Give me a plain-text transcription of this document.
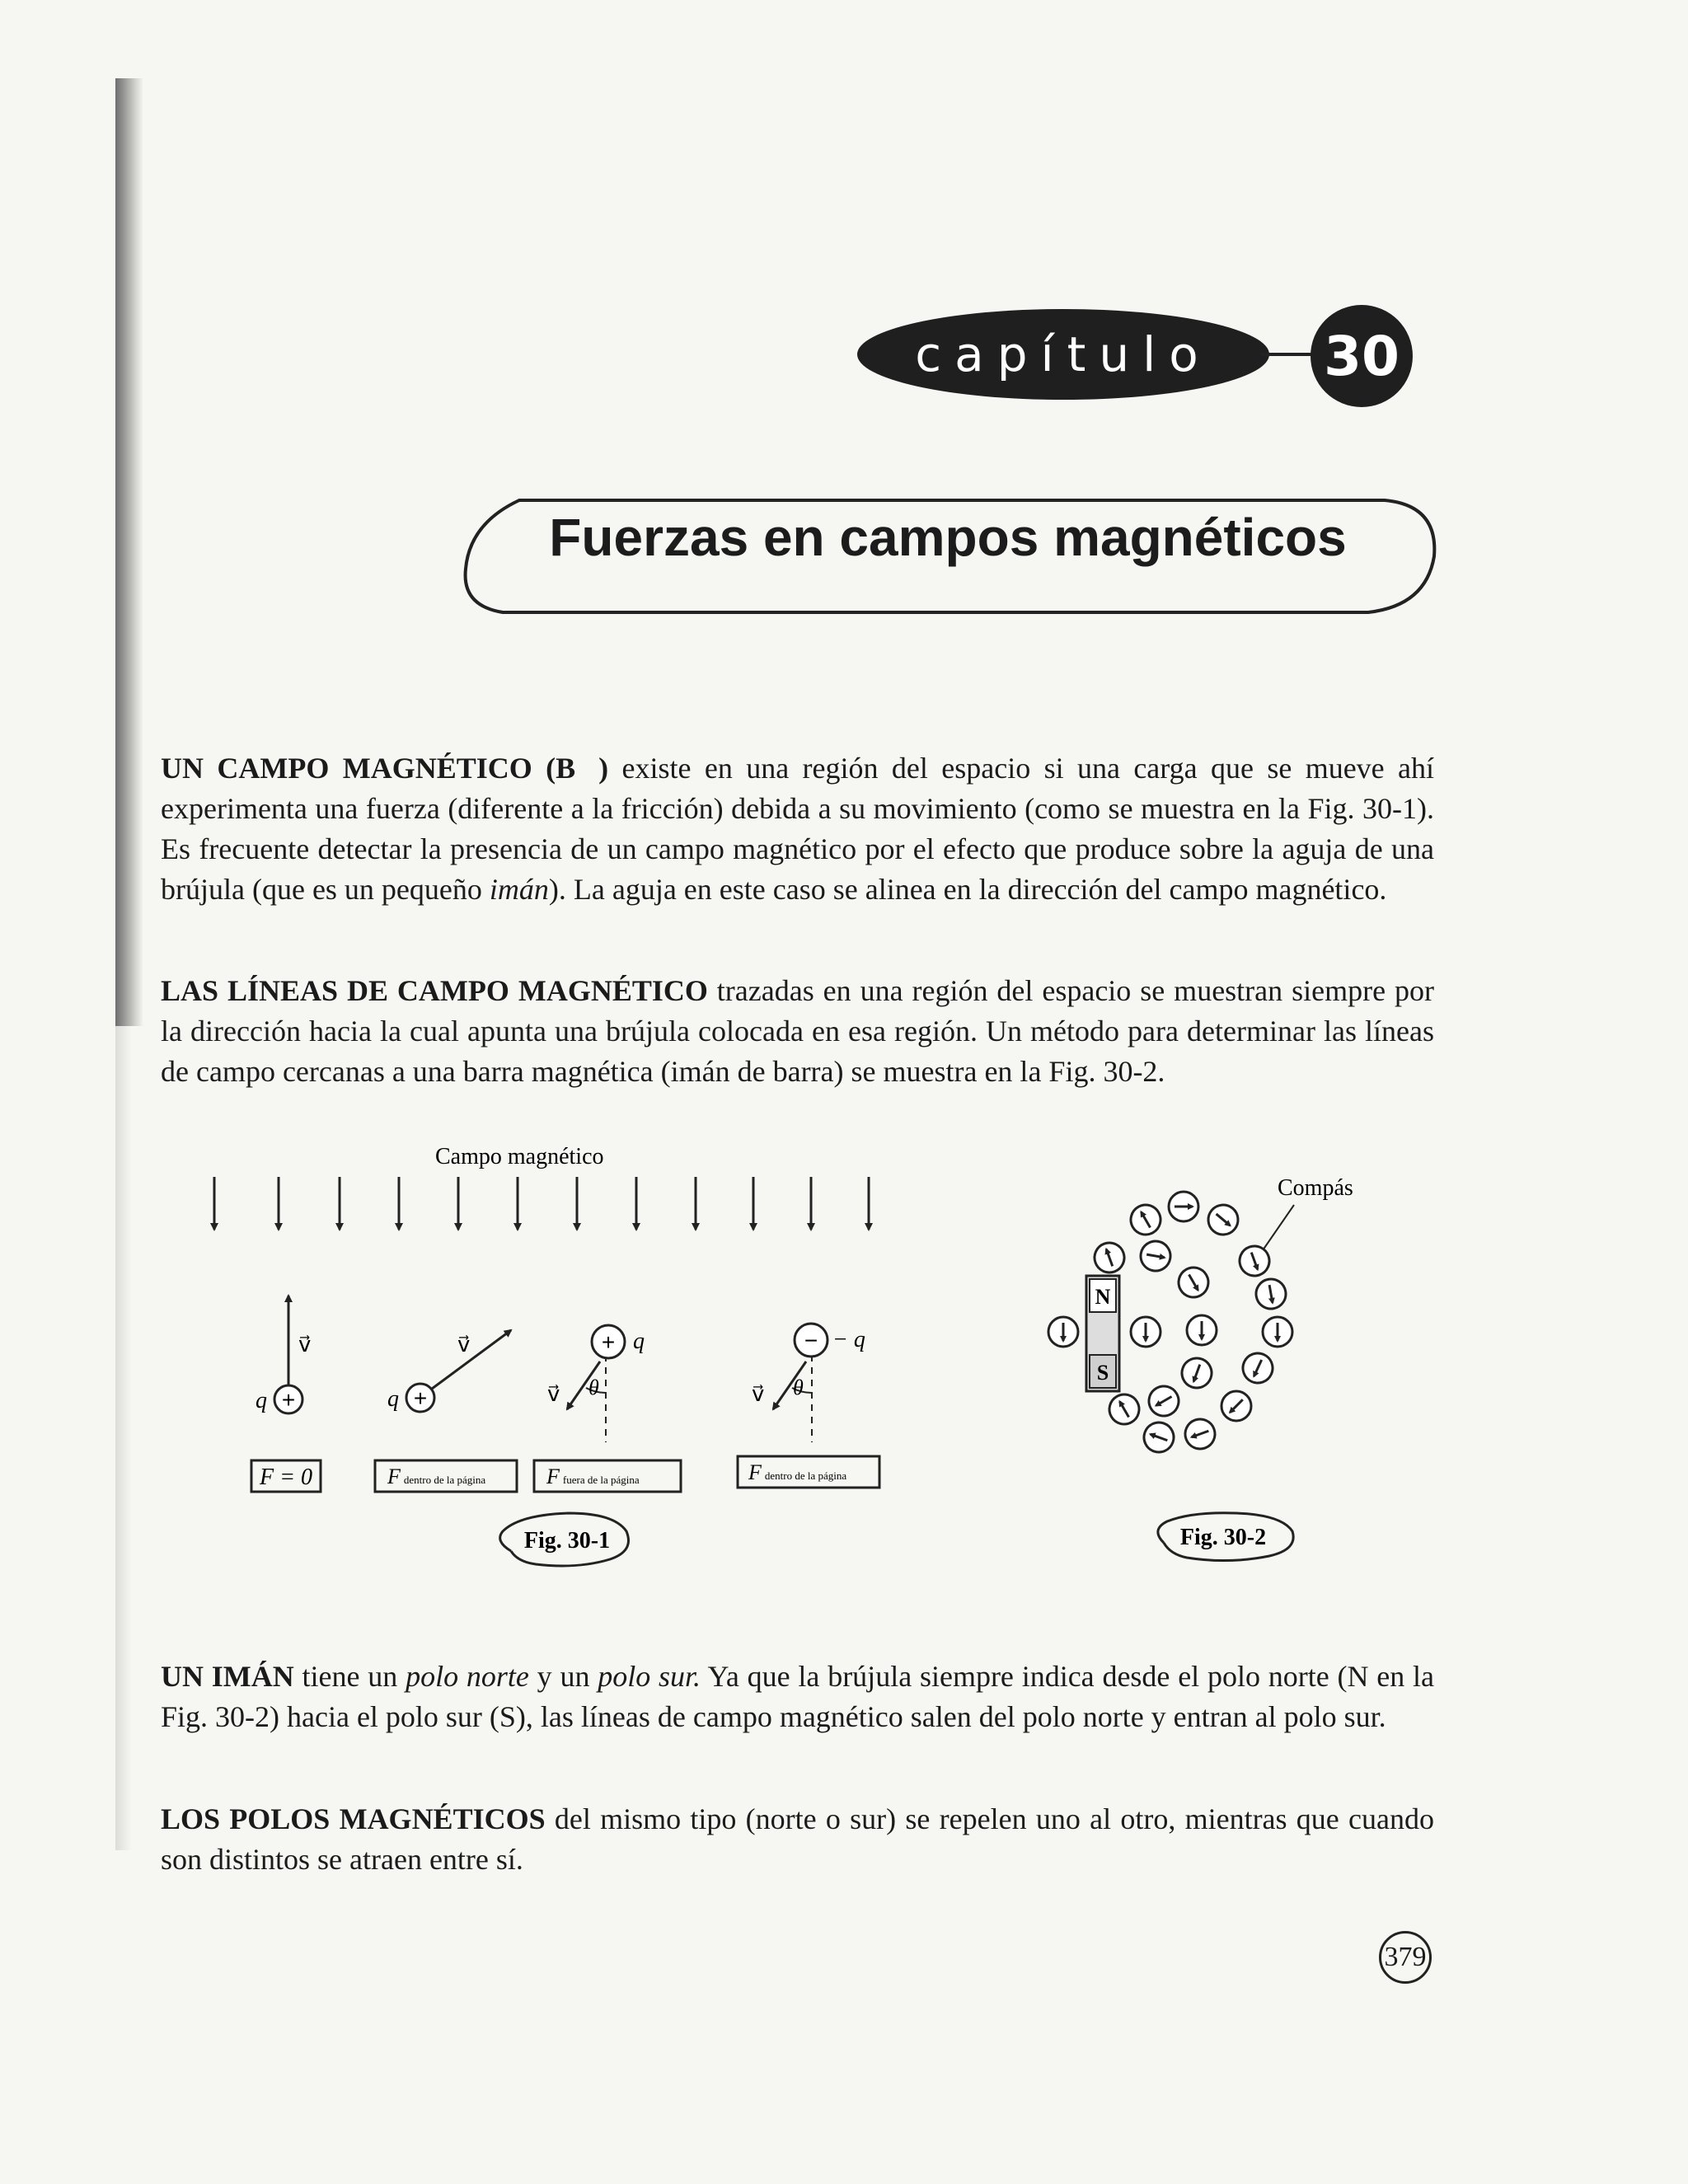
capítulo 30
Fuerzas en campos magnéticos

UN CAMPO MAGNÉTICO (B⃗) existe en una región del espacio si una carga que se mueve ahí experimenta una fuerza (diferente a la fricción) debida a su movimiento (como se muestra en la Fig. 30-1). Es frecuente detectar la presencia de un campo magnético por el efecto que produce sobre la aguja de una brújula (que es un pequeño imán). La aguja en este caso se alinea en la dirección del campo magnético.

LAS LÍNEAS DE CAMPO MAGNÉTICO trazadas en una región del espacio se muestran siempre por la dirección hacia la cual apunta una brújula colocada en esa región. Un método para determinar las líneas de campo cercanas a una barra magnética (imán de barra) se muestra en la Fig. 30-2.

Campo magnético
+
q
v⃗
+
q
v⃗	+ q
v⃗ θ
− − q
v⃗ θ
F = 0	Fdentro de la página	Ffuera de la página	Fdentro de la página
Fig. 30-1
Compás
N
S
Fig. 30-2

UN IMÁN tiene un polo norte y un polo sur. Ya que la brújula siempre indica desde el polo norte (N en la Fig. 30-2) hacia el polo sur (S), las líneas de campo magnético salen del polo norte y entran al polo sur.

LOS POLOS MAGNÉTICOS del mismo tipo (norte o sur) se repelen uno al otro, mientras que cuando son distintos se atraen entre sí.

379
